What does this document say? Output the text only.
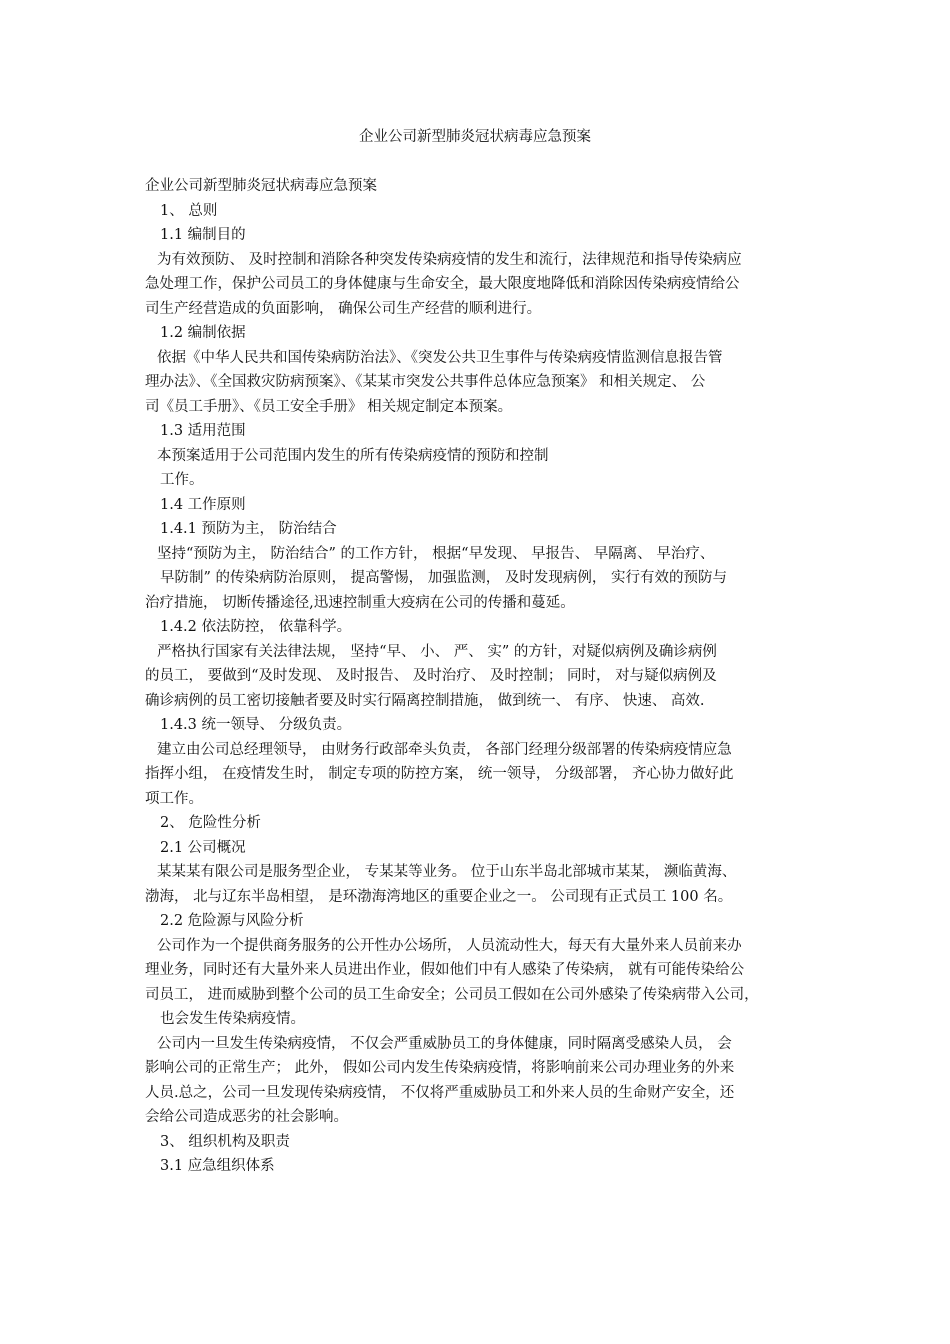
企业公司新型肺炎冠状病毒应急预案

企业公司新型肺炎冠状病毒应急预案

1、 总则

1.1 编制目的

为有效预防、 及时控制和消除各种突发传染病疫情的发生和流行，法律规范和指导传染病应

急处理工作，保护公司员工的身体健康与生命安全，最大限度地降低和消除因传染病疫情给公

司生产经营造成的负面影响， 确保公司生产经营的顺利进行。

1.2 编制依据

依据《中华人民共和国传染病防治法》、《突发公共卫生事件与传染病疫情监测信息报告管

理办法》、《全国救灾防病预案》、《某某市突发公共事件总体应急预案》 和相关规定、 公

司《员工手册》、《员工安全手册》 相关规定制定本预案。

1.3 适用范围

本预案适用于公司范围内发生的所有传染病疫情的预防和控制

工作。

1.4 工作原则

1.4.1 预防为主， 防治结合

坚持“预防为主， 防治结合” 的工作方针， 根据“早发现、 早报告、 早隔离、 早治疗、

早防制” 的传染病防治原则， 提高警惕， 加强监测， 及时发现病例， 实行有效的预防与

治疗措施， 切断传播途径,迅速控制重大疫病在公司的传播和蔓延。

1.4.2 依法防控， 依靠科学。

严格执行国家有关法律法规， 坚持“早、 小、 严、 实” 的方针，对疑似病例及确诊病例

的员工， 要做到“及时发现、 及时报告、 及时治疗、 及时控制； 同时， 对与疑似病例及

确诊病例的员工密切接触者要及时实行隔离控制措施， 做到统一、 有序、 快速、 高效.

1.4.3 统一领导、 分级负责。

建立由公司总经理领导， 由财务行政部牵头负责， 各部门经理分级部署的传染病疫情应急

指挥小组， 在疫情发生时， 制定专项的防控方案， 统一领导， 分级部署， 齐心协力做好此

项工作。

2、 危险性分析

2.1 公司概况

某某某有限公司是服务型企业， 专某某等业务。 位于山东半岛北部城市某某， 濒临黄海、

渤海， 北与辽东半岛相望， 是环渤海湾地区的重要企业之一。 公司现有正式员工 100 名。

2.2 危险源与风险分析

公司作为一个提供商务服务的公开性办公场所， 人员流动性大，每天有大量外来人员前来办

理业务，同时还有大量外来人员进出作业，假如他们中有人感染了传染病， 就有可能传染给公

司员工， 进而威胁到整个公司的员工生命安全；公司员工假如在公司外感染了传染病带入公司，

也会发生传染病疫情。

公司内一旦发生传染病疫情， 不仅会严重威胁员工的身体健康，同时隔离受感染人员， 会

影响公司的正常生产； 此外， 假如公司内发生传染病疫情，将影响前来公司办理业务的外来

人员.总之，公司一旦发现传染病疫情， 不仅将严重威胁员工和外来人员的生命财产安全，还

会给公司造成恶劣的社会影响。

3、 组织机构及职责

3.1 应急组织体系
